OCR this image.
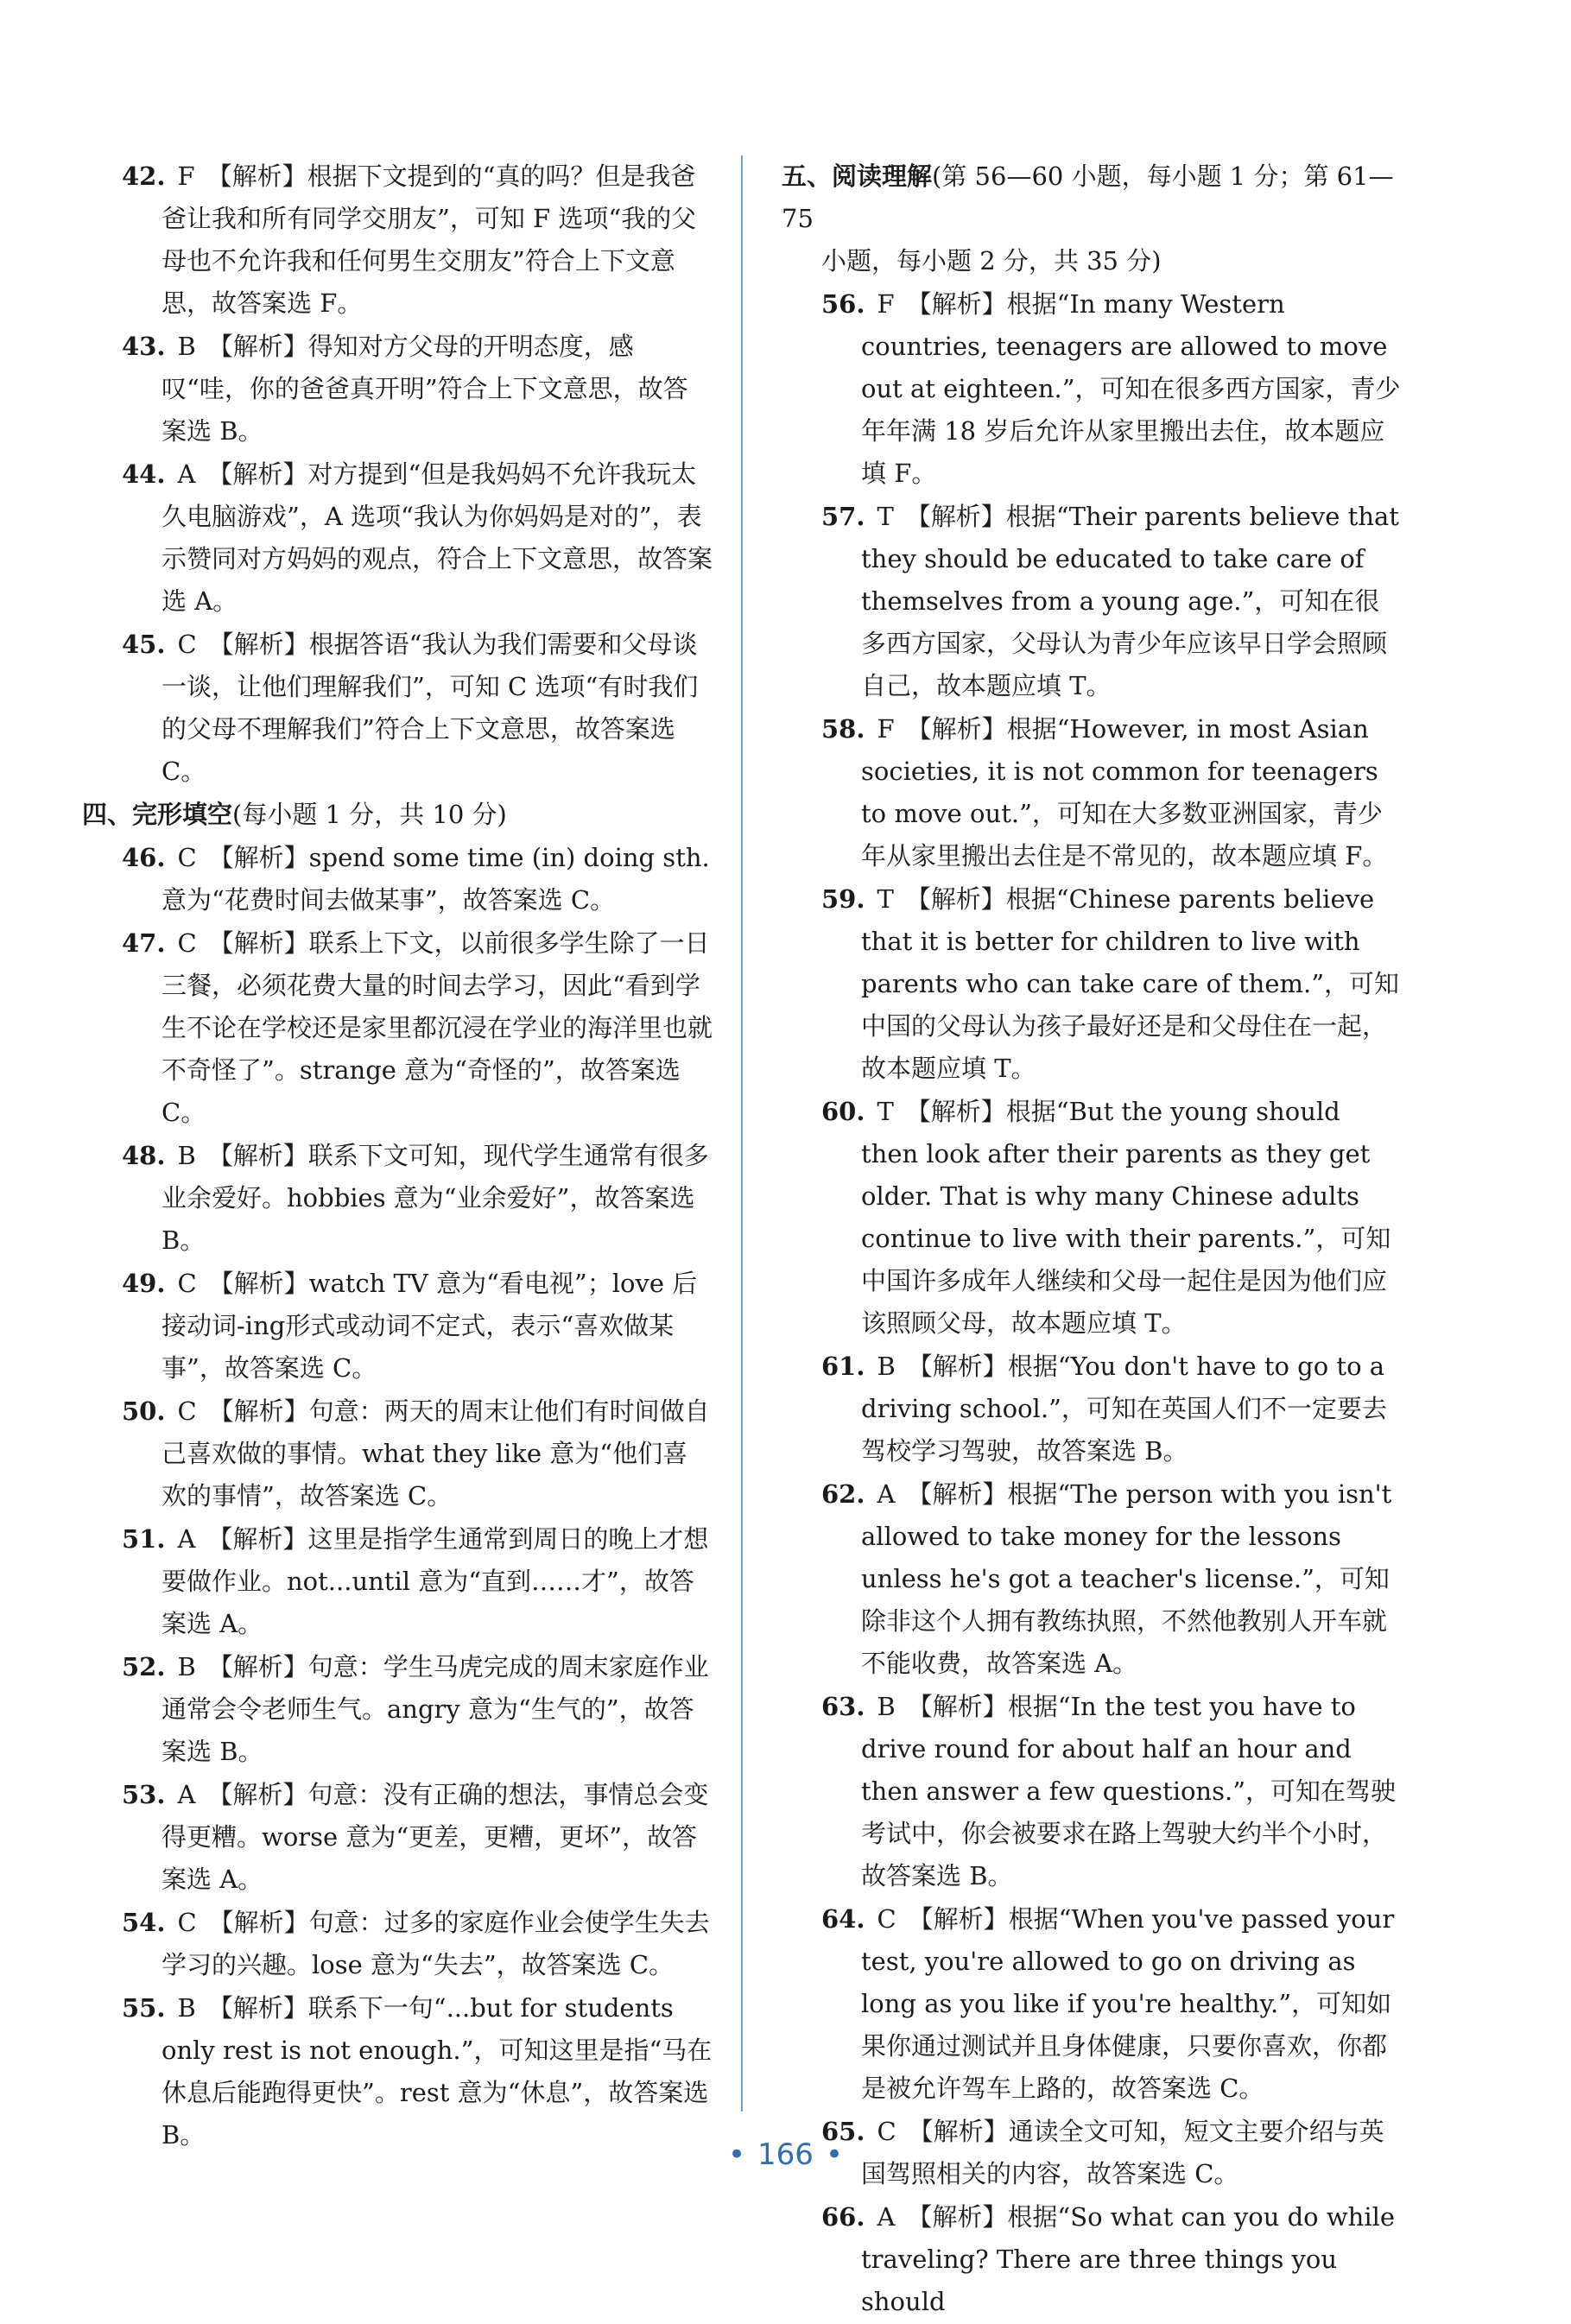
42. F 【解析】根据下文提到的“真的吗？但是我爸爸让我和所有同学交朋友”，可知 F 选项“我的父母也不允许我和任何男生交朋友”符合上下文意思，故答案选 F。
43. B 【解析】得知对方父母的开明态度，感叹“哇，你的爸爸真开明”符合上下文意思，故答案选 B。
44. A 【解析】对方提到“但是我妈妈不允许我玩太久电脑游戏”，A 选项“我认为你妈妈是对的”，表示赞同对方妈妈的观点，符合上下文意思，故答案选 A。
45. C 【解析】根据答语“我认为我们需要和父母谈一谈，让他们理解我们”，可知 C 选项“有时我们的父母不理解我们”符合上下文意思，故答案选 C。
四、完形填空(每小题 1 分，共 10 分)
46. C 【解析】spend some time (in) doing sth. 意为“花费时间去做某事”，故答案选 C。
47. C 【解析】联系上下文，以前很多学生除了一日三餐，必须花费大量的时间去学习，因此“看到学生不论在学校还是家里都沉浸在学业的海洋里也就不奇怪了”。strange 意为“奇怪的”，故答案选 C。
48. B 【解析】联系下文可知，现代学生通常有很多业余爱好。hobbies 意为“业余爱好”，故答案选 B。
49. C 【解析】watch TV 意为“看电视”；love 后接动词-ing形式或动词不定式，表示“喜欢做某事”，故答案选 C。
50. C 【解析】句意：两天的周末让他们有时间做自己喜欢做的事情。what they like 意为“他们喜欢的事情”，故答案选 C。
51. A 【解析】这里是指学生通常到周日的晚上才想要做作业。not...until 意为“直到……才”，故答案选 A。
52. B 【解析】句意：学生马虎完成的周末家庭作业通常会令老师生气。angry 意为“生气的”，故答案选 B。
53. A 【解析】句意：没有正确的想法，事情总会变得更糟。worse 意为“更差，更糟，更坏”，故答案选 A。
54. C 【解析】句意：过多的家庭作业会使学生失去学习的兴趣。lose 意为“失去”，故答案选 C。
55. B 【解析】联系下一句“...but for students only rest is not enough.”，可知这里是指“马在休息后能跑得更快”。rest 意为“休息”，故答案选 B。
五、阅读理解(第 56—60 小题，每小题 1 分；第 61—75
小题，每小题 2 分，共 35 分)
56. F 【解析】根据“In many Western countries, teenagers are allowed to move out at eighteen.”，可知在很多西方国家，青少年年满 18 岁后允许从家里搬出去住，故本题应填 F。
57. T 【解析】根据“Their parents believe that they should be educated to take care of themselves from a young age.”，可知在很多西方国家，父母认为青少年应该早日学会照顾自己，故本题应填 T。
58. F 【解析】根据“However, in most Asian societies, it is not common for teenagers to move out.”，可知在大多数亚洲国家，青少年从家里搬出去住是不常见的，故本题应填 F。
59. T 【解析】根据“Chinese parents believe that it is better for children to live with parents who can take care of them.”，可知中国的父母认为孩子最好还是和父母住在一起，故本题应填 T。
60. T 【解析】根据“But the young should then look after their parents as they get older. That is why many Chinese adults continue to live with their parents.”，可知中国许多成年人继续和父母一起住是因为他们应该照顾父母，故本题应填 T。
61. B 【解析】根据“You don't have to go to a driving school.”，可知在英国人们不一定要去驾校学习驾驶，故答案选 B。
62. A 【解析】根据“The person with you isn't allowed to take money for the lessons unless he's got a teacher's license.”，可知除非这个人拥有教练执照，不然他教别人开车就不能收费，故答案选 A。
63. B 【解析】根据“In the test you have to drive round for about half an hour and then answer a few questions.”，可知在驾驶考试中，你会被要求在路上驾驶大约半个小时，故答案选 B。
64. C 【解析】根据“When you've passed your test, you're allowed to go on driving as long as you like if you're healthy.”，可知如果你通过测试并且身体健康，只要你喜欢，你都是被允许驾车上路的，故答案选 C。
65. C 【解析】通读全文可知，短文主要介绍与英国驾照相关的内容，故答案选 C。
66. A 【解析】根据“So what can you do while traveling? There are three things you should
• 166 •
